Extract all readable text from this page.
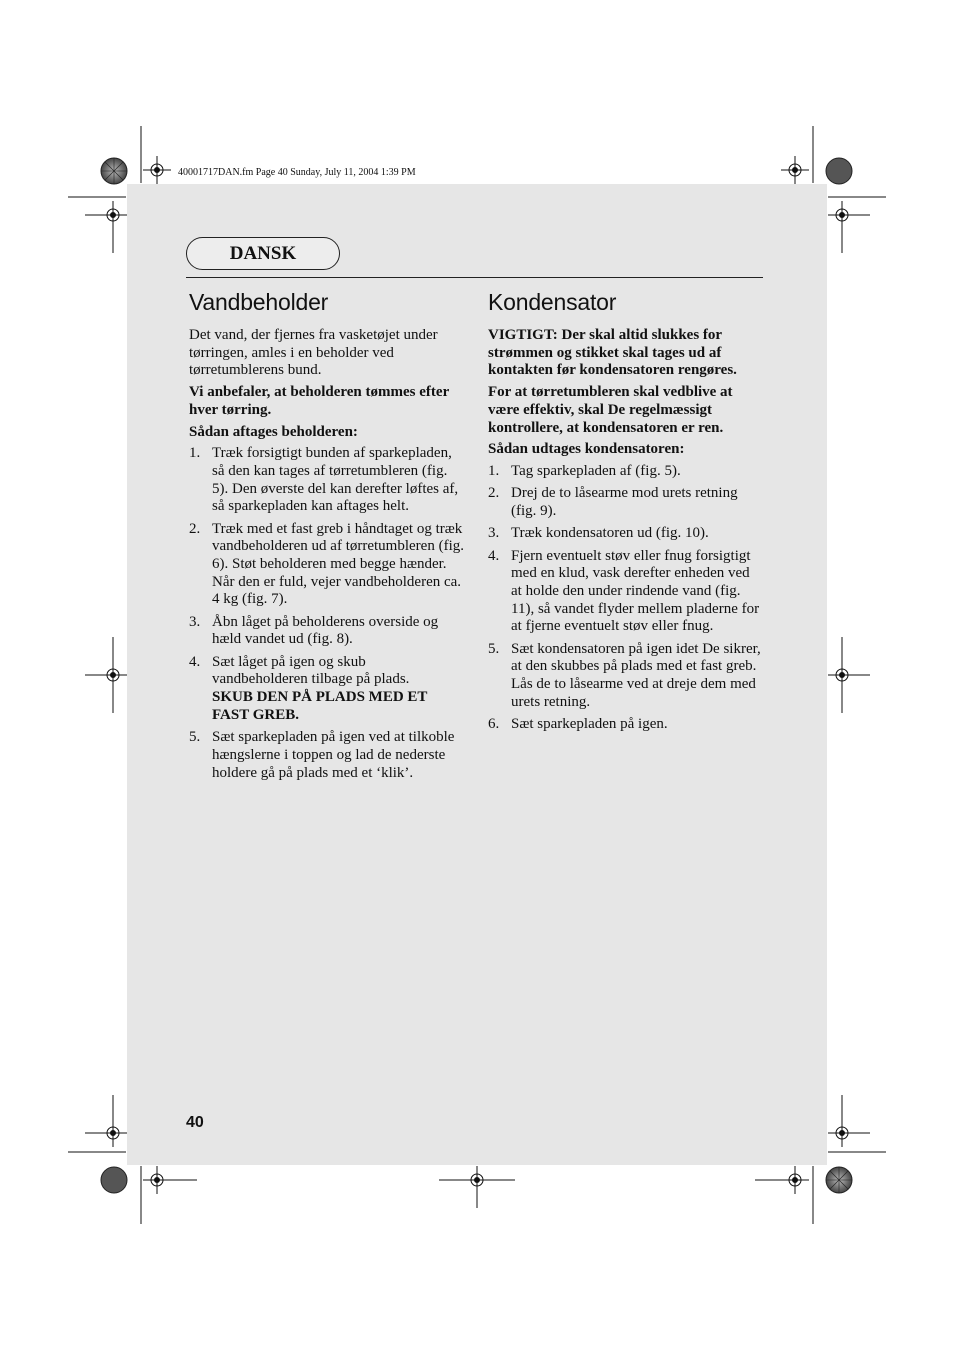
40001717DAN.fm Page 40 Sunday, July 11, 2004 1:39 PM
DANSK
Vandbeholder

Det vand, der fjernes fra vasketøjet under tørringen, amles i en beholder ved tørretumblerens bund.

Vi anbefaler, at beholderen tømmes efter hver tørring.

Sådan aftages beholderen:

1. Træk forsigtigt bunden af sparkepladen, så den kan tages af tørretumbleren (fig. 5). Den øverste del kan derefter løftes af, så sparkepladen kan aftages helt.
2. Træk med et fast greb i håndtaget og træk vandbeholderen ud af tørretumbleren (fig. 6). Støt beholderen med begge hænder. Når den er fuld, vejer vandbeholderen ca. 4 kg (fig. 7).
3. Åbn låget på beholderens overside og hæld vandet ud (fig. 8).
4. Sæt låget på igen og skub vandbeholderen tilbage på plads.
SKUB DEN PÅ PLADS MED ET FAST GREB.
5. Sæt sparkepladen på igen ved at tilkoble hængslerne i toppen og lad de nederste holdere gå på plads med et ‘klik’.
Kondensator

VIGTIGT: Der skal altid slukkes for strømmen og stikket skal tages ud af kontakten før kondensatoren rengøres.

For at tørretumbleren skal vedblive at være effektiv, skal De regelmæssigt kontrollere, at kondensatoren er ren.

Sådan udtages kondensatoren:

1. Tag sparkepladen af (fig. 5).
2. Drej de to låsearme mod urets retning (fig. 9).
3. Træk kondensatoren ud (fig. 10).
4. Fjern eventuelt støv eller fnug forsigtigt med en klud, vask derefter enheden ved at holde den under rindende vand (fig. 11), så vandet flyder mellem pladerne for at fjerne eventuelt støv eller fnug.
5. Sæt kondensatoren på igen idet De sikrer, at den skubbes på plads med et fast greb. Lås de to låsearme ved at dreje dem med urets retning.
6. Sæt sparkepladen på igen.
40
